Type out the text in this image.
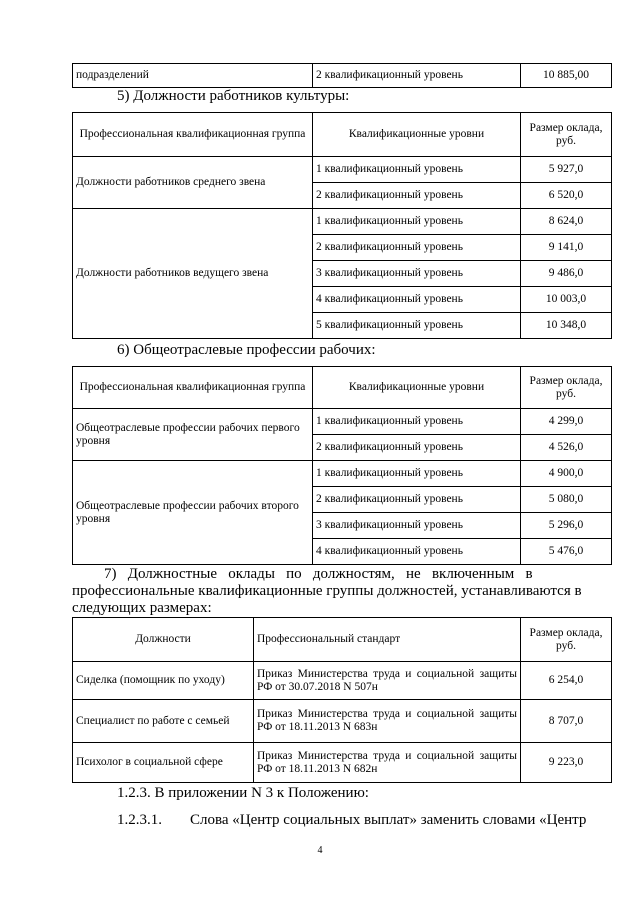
подразделений	2 квалификационный уровень	10 885,00
5) Должности работников культуры:
Профессиональная квалификационная группа	Квалификационные уровни	Размер оклада, руб.
Должности работников среднего звена	1 квалификационный уровень	5 927,0
	2 квалификационный уровень	6 520,0
Должности работников ведущего звена	1 квалификационный уровень	8 624,0
	2 квалификационный уровень	9 141,0
	3 квалификационный уровень	9 486,0
	4 квалификационный уровень	10 003,0
	5 квалификационный уровень	10 348,0
6) Общеотраслевые профессии рабочих:
Профессиональная квалификационная группа	Квалификационные уровни	Размер оклада, руб.
Общеотраслевые профессии рабочих первого уровня	1 квалификационный уровень	4 299,0
	2 квалификационный уровень	4 526,0
Общеотраслевые профессии рабочих второго уровня	1 квалификационный уровень	4 900,0
	2 квалификационный уровень	5 080,0
	3 квалификационный уровень	5 296,0
	4 квалификационный уровень	5 476,0
7)   Должностные   оклады   по   должностям,   не   включенным   в
профессиональные квалификационные группы должностей, устанавливаются в
следующих размерах:
Должности	Профессиональный стандарт	Размер оклада, руб.
Сиделка (помощник по уходу)	Приказ Министерства труда и социальной защиты РФ от 30.07.2018 N 507н	6 254,0
Специалист по работе с семьей	Приказ Министерства труда и социальной защиты РФ от 18.11.2013 N 683н	8 707,0
Психолог в социальной сфере	Приказ Министерства труда и социальной защиты РФ от 18.11.2013 N 682н	9 223,0
1.2.3. В приложении N 3 к Положению:
1.2.3.1. Слова «Центр социальных выплат» заменить словами «Центр
4
